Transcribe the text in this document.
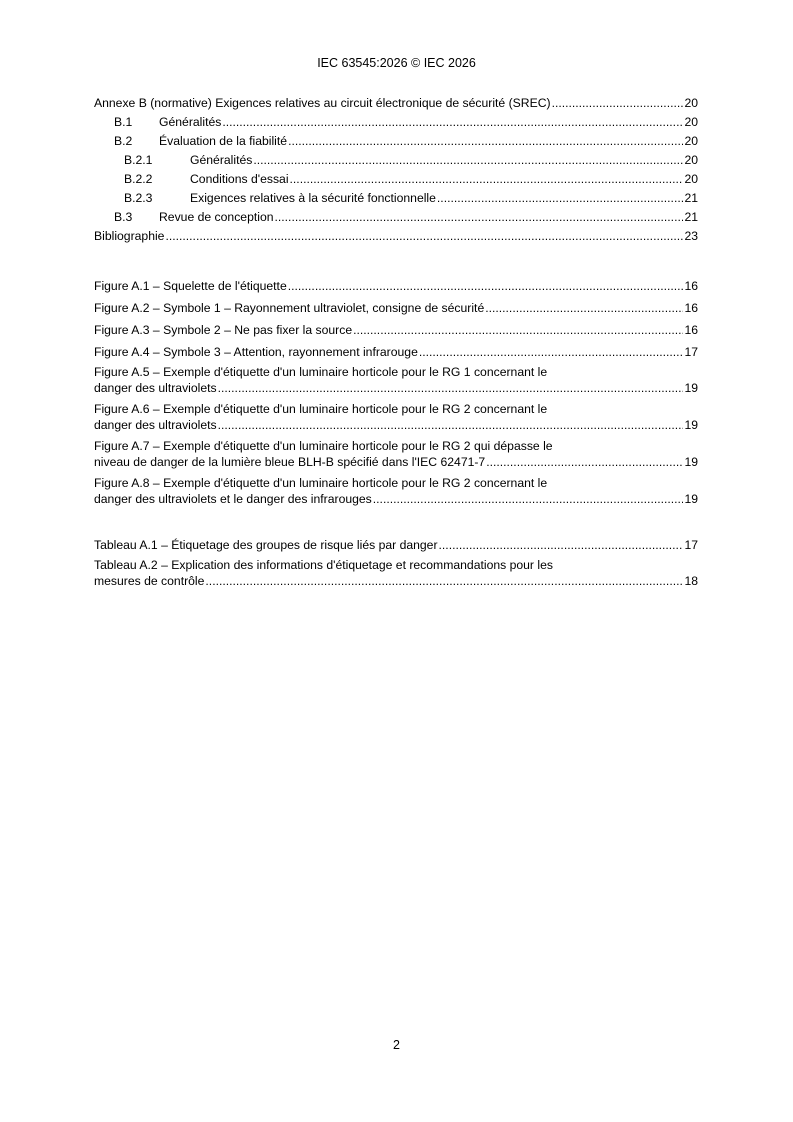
IEC 63545:2026 © IEC 2026
Annexe B (normative) Exigences relatives au circuit électronique de sécurité (SREC) .....	20
B.1	Généralités .....	20
B.2	Évaluation de la fiabilité .....	20
B.2.1	Généralités .....	20
B.2.2	Conditions d'essai .....	20
B.2.3	Exigences relatives à la sécurité fonctionnelle .....	21
B.3	Revue de conception .....	21
Bibliographie .....	23
Figure A.1 – Squelette de l'étiquette .....	16
Figure A.2 – Symbole 1 – Rayonnement ultraviolet, consigne de sécurité .....	16
Figure A.3 – Symbole 2 – Ne pas fixer la source .....	16
Figure A.4 – Symbole 3 – Attention, rayonnement infrarouge .....	17
Figure A.5 – Exemple d'étiquette d'un luminaire horticole pour le RG 1 concernant le
danger des ultraviolets .....	19
Figure A.6 – Exemple d'étiquette d'un luminaire horticole pour le RG 2 concernant le
danger des ultraviolets .....	19
Figure A.7 – Exemple d'étiquette d'un luminaire horticole pour le RG 2 qui dépasse le
niveau de danger de la lumière bleue BLH-B spécifié dans l'IEC 62471-7 .....	19
Figure A.8 – Exemple d'étiquette d'un luminaire horticole pour le RG 2 concernant le
danger des ultraviolets et le danger des infrarouges .....	19
Tableau A.1 – Étiquetage des groupes de risque liés par danger .....	17
Tableau A.2 – Explication des informations d'étiquetage et recommandations pour les
mesures de contrôle .....	18
2
